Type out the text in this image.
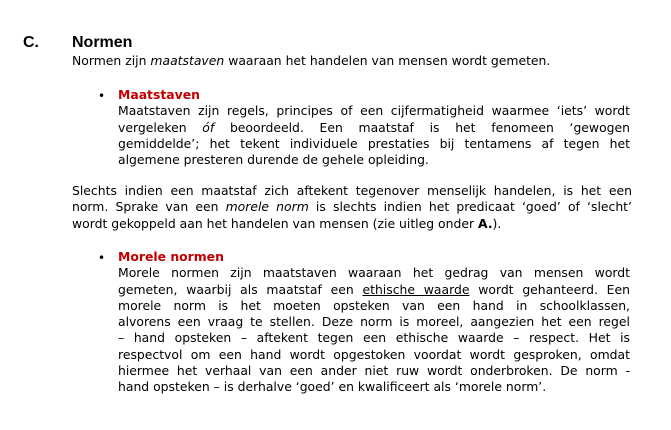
C. Normen
Normen zijn maatstaven waaraan het handelen van mensen wordt gemeten.
• Maatstaven
Maatstaven zijn regels, principes of een cijfermatigheid waarmee ‘iets’ wordt
vergeleken óf beoordeeld. Een maatstaf is het fenomeen ‘gewogen
gemiddelde’; het tekent individuele prestaties bij tentamens af tegen het
algemene presteren durende de gehele opleiding.
Slechts indien een maatstaf zich aftekent tegenover menselijk handelen, is het een
norm. Sprake van een morele norm is slechts indien het predicaat ‘goed’ of ‘slecht’
wordt gekoppeld aan het handelen van mensen (zie uitleg onder A.).
• Morele normen
Morele normen zijn maatstaven waaraan het gedrag van mensen wordt
gemeten, waarbij als maatstaf een ethische waarde wordt gehanteerd. Een
morele norm is het moeten opsteken van een hand in schoolklassen,
alvorens een vraag te stellen. Deze norm is moreel, aangezien het een regel
– hand opsteken – aftekent tegen een ethische waarde – respect. Het is
respectvol om een hand wordt opgestoken voordat wordt gesproken, omdat
hiermee het verhaal van een ander niet ruw wordt onderbroken. De norm -
hand opsteken – is derhalve ‘goed’ en kwalificeert als ‘morele norm’.
